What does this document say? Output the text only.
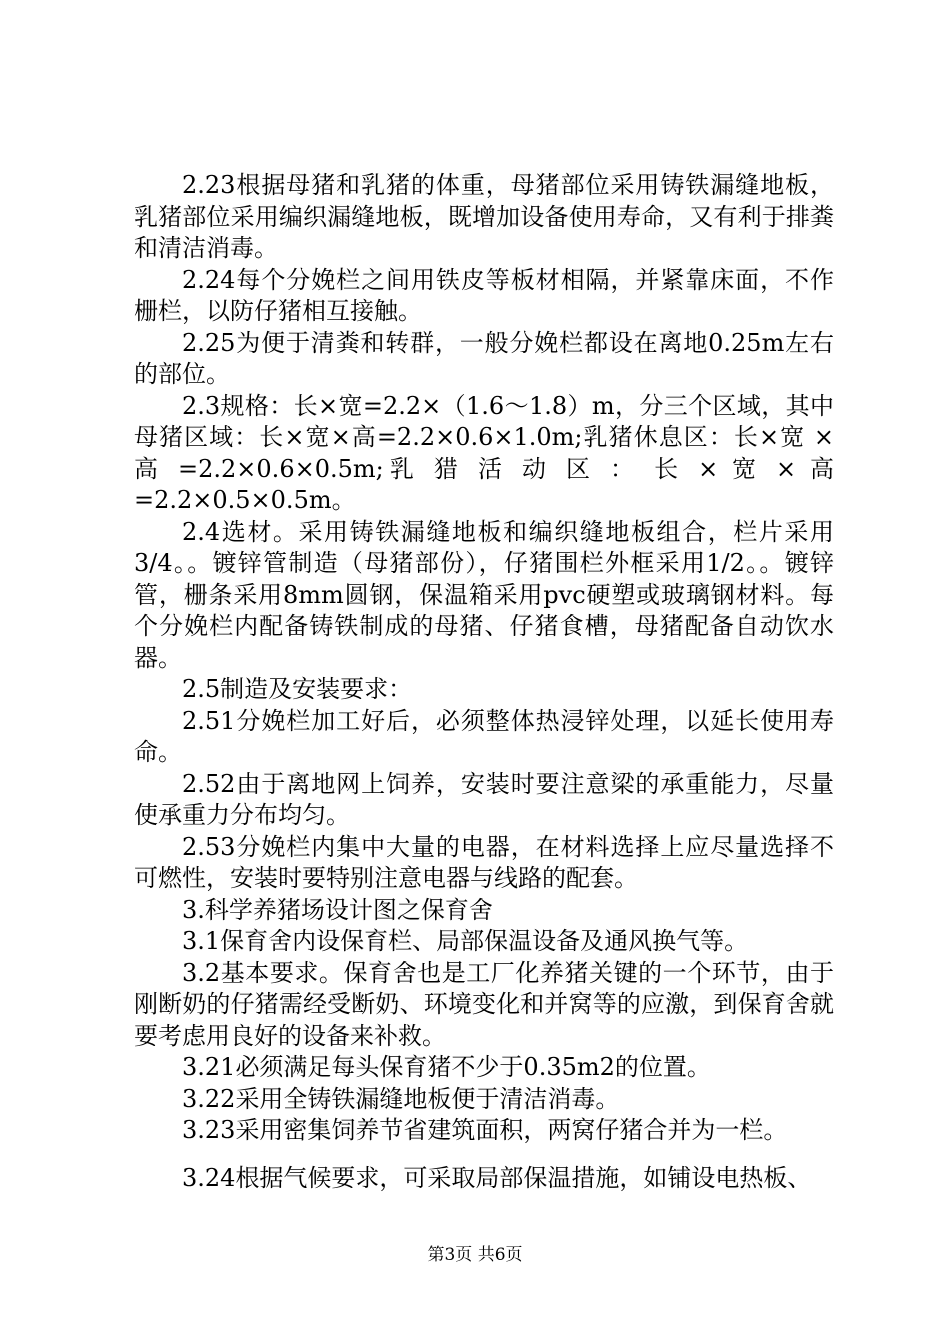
2.23根据母猪和乳猪的体重，母猪部位采用铸铁漏缝地板，乳猪部位采用编织漏缝地板，既增加设备使用寿命，又有利于排粪和清洁消毒。

2.24每个分娩栏之间用铁皮等板材相隔，并紧靠床面，不作栅栏，以防仔猪相互接触。

2.25为便于清粪和转群，一般分娩栏都设在离地0.25m左右的部位。

2.3规格：长×宽=2.2×（1.6～1.8）m，分三个区域，其中母猪区域：长×宽×高=2.2×0.6×1.0m;乳猪休息区：长×宽 × 高 =2.2×0.6×0.5m;乳 猎 活 动 区 ： 长 × 宽 × 高=2.2×0.5×0.5m。

2.4选材。采用铸铁漏缝地板和编织缝地板组合，栏片采用3/4。。镀锌管制造（母猪部份），仔猪围栏外框采用1/2。。镀锌管，栅条采用8mm圆钢，保温箱采用pvc硬塑或玻璃钢材料。每个分娩栏内配备铸铁制成的母猪、仔猪食槽，母猪配备自动饮水器。

2.5制造及安装要求：

2.51分娩栏加工好后，必须整体热浸锌处理，以延长使用寿命。

2.52由于离地网上饲养，安装时要注意梁的承重能力，尽量使承重力分布均匀。

2.53分娩栏内集中大量的电器，在材料选择上应尽量选择不可燃性，安装时要特别注意电器与线路的配套。

3.科学养猪场设计图之保育舍

3.1保育舍内设保育栏、局部保温设备及通风换气等。

3.2基本要求。保育舍也是工厂化养猪关键的一个环节，由于刚断奶的仔猪需经受断奶、环境变化和并窝等的应激，到保育舍就要考虑用良好的设备来补救。

3.21必须满足每头保育猪不少于0.35m2的位置。

3.22采用全铸铁漏缝地板便于清洁消毒。

3.23采用密集饲养节省建筑面积，两窝仔猪合并为一栏。

3.24根据气候要求，可采取局部保温措施，如铺设电热板、

第3页 共6页
